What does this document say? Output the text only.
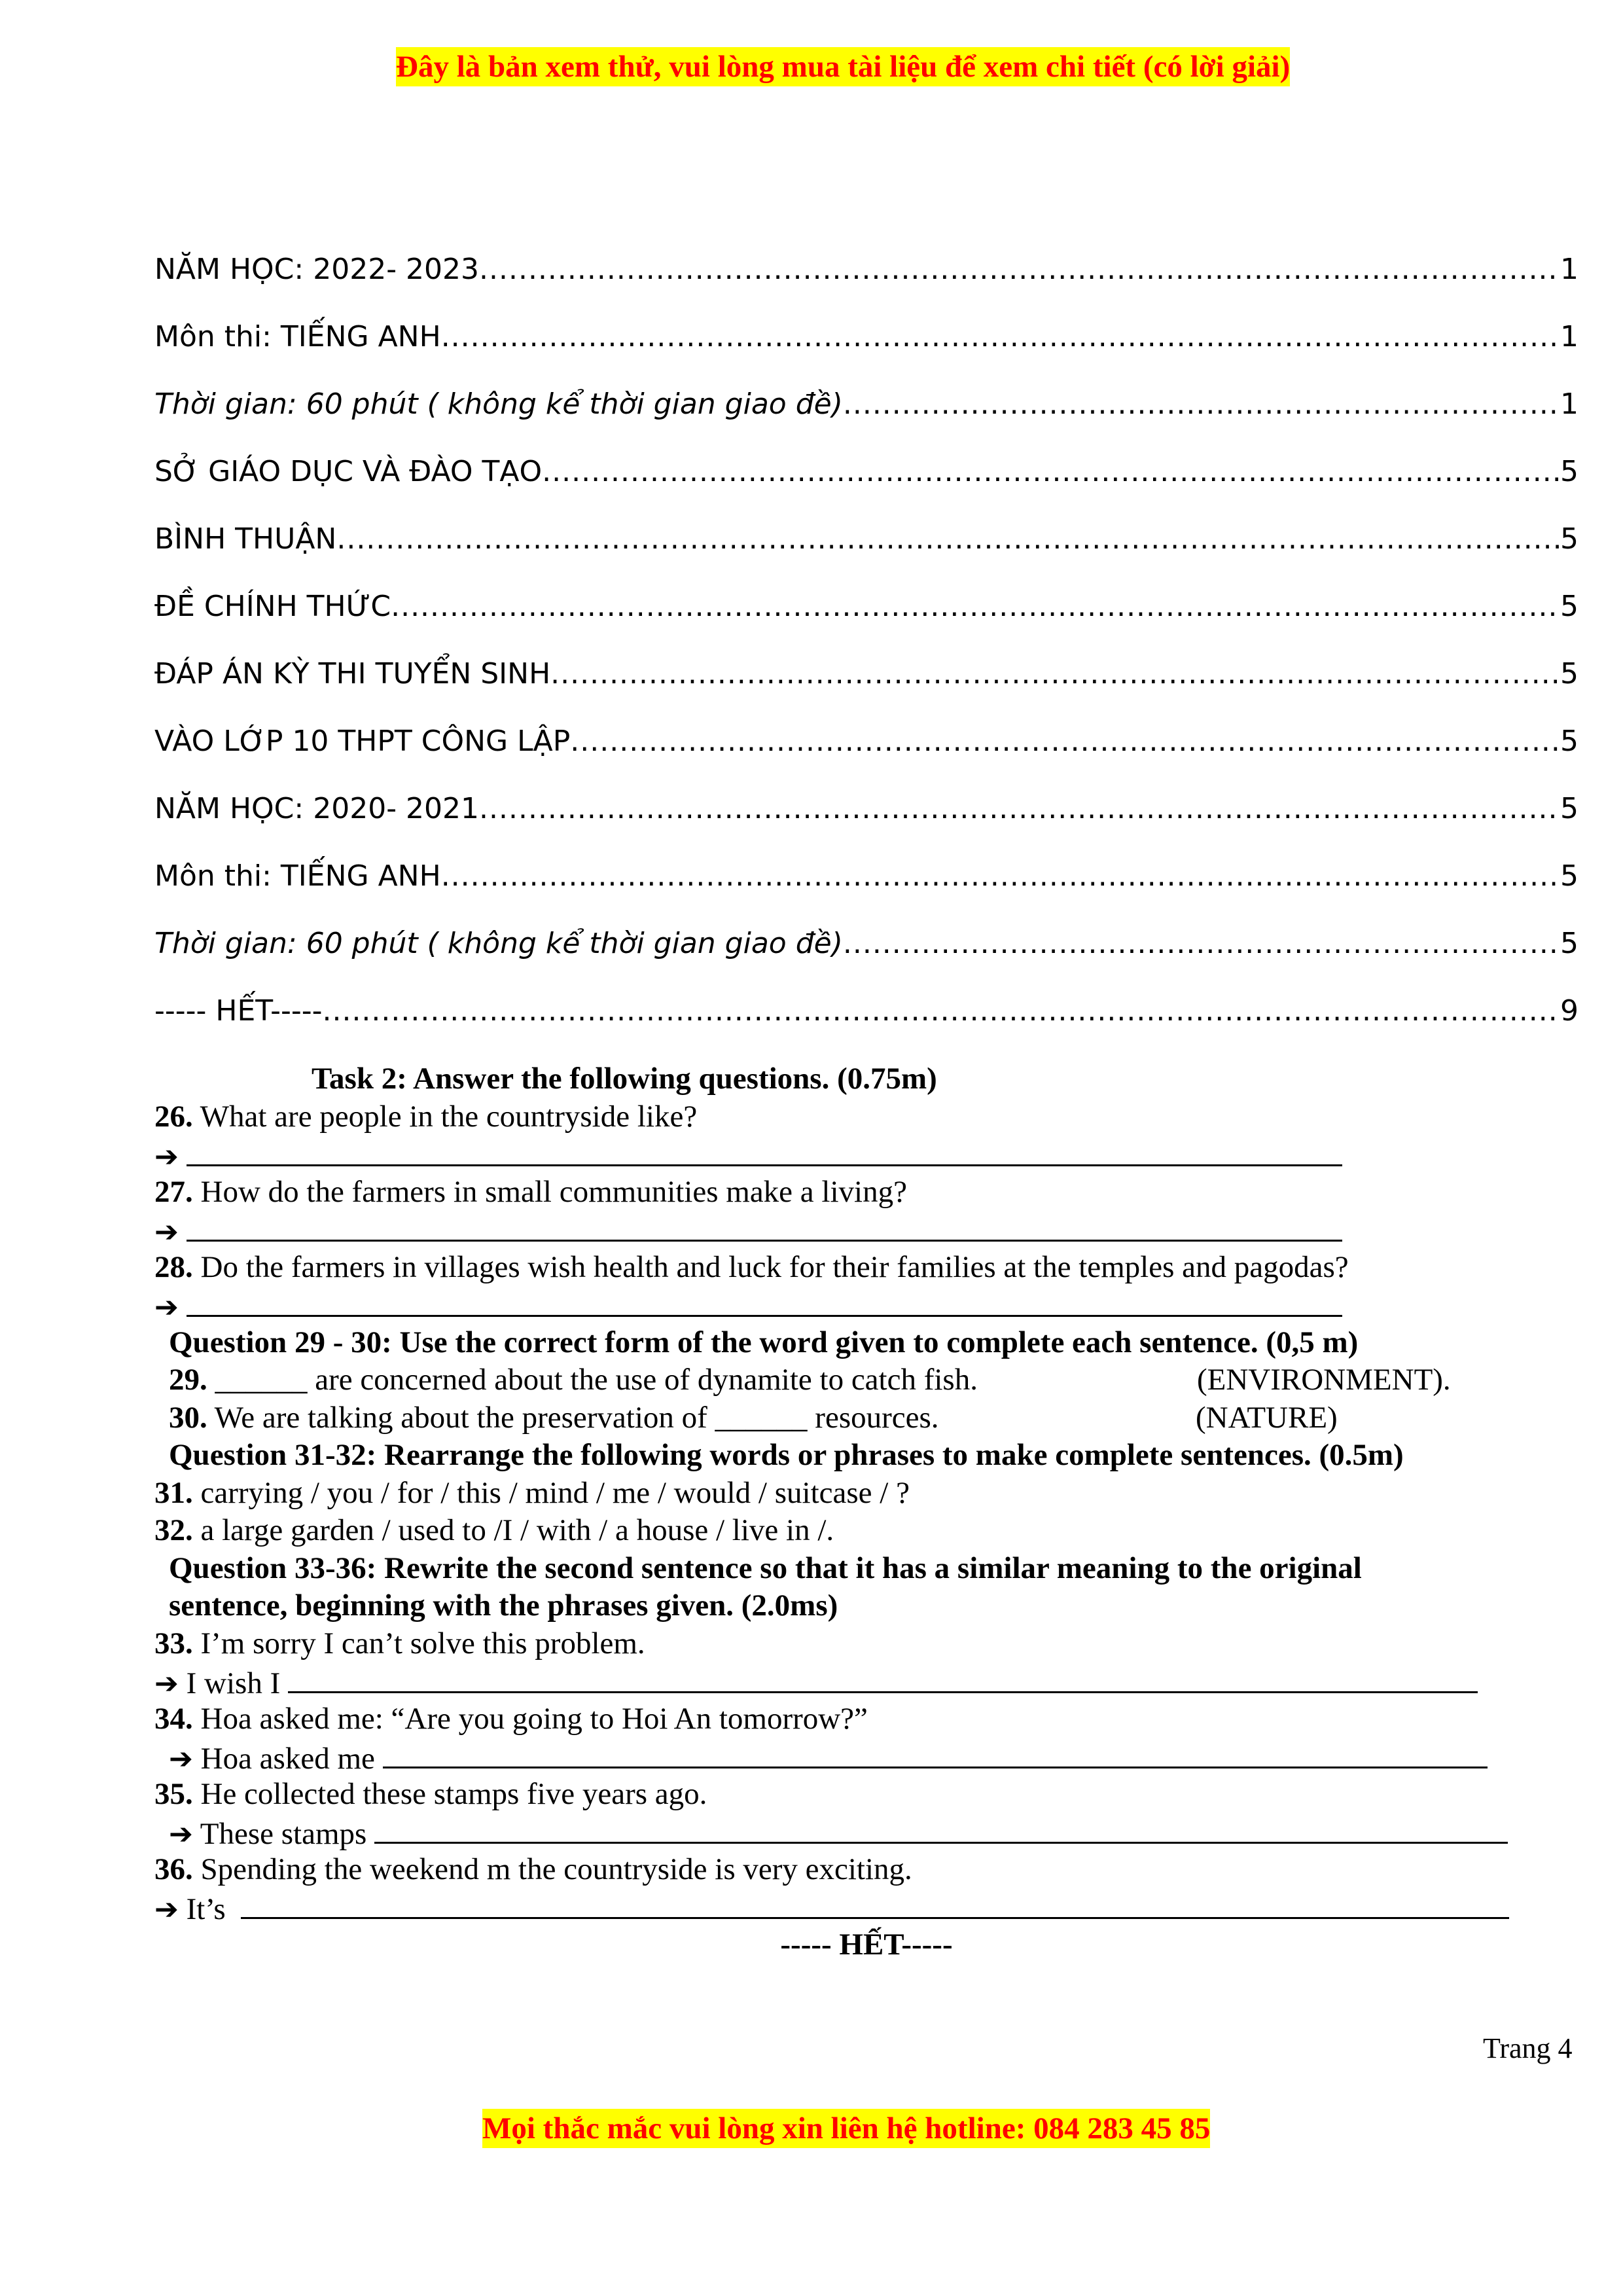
Đây là bản xem thử, vui lòng mua tài liệu để xem chi tiết (có lời giải)
NĂM HỌC: 2022- 2023 .....	1
Môn thi: TIẾNG ANH .....	1
Thời gian: 60 phút ( không kể thời gian giao đề) .....	1
SỞ GIÁO DỤC VÀ ĐÀO TẠO .....	5
BÌNH THUẬN .....	5
ĐỀ CHÍNH THỨC .....	5
ĐÁP ÁN KỲ THI TUYỂN SINH .....	5
VÀO LỚP 10 THPT CÔNG LẬP .....	5
NĂM HỌC: 2020- 2021 .....	5
Môn thi: TIẾNG ANH .....	5
Thời gian: 60 phút ( không kể thời gian giao đề) .....	5
----- HẾT----- .....	9
Task 2: Answer the following questions. (0.75m)
26. What are people in the countryside like?
➔
27. How do the farmers in small communities make a living?
➔
28. Do the farmers in villages wish health and luck for their families at the temples and pagodas?
➔
Question 29 - 30: Use the correct form of the word given to complete each sentence. (0,5 m)
29. ______ are concerned about the use of dynamite to catch fish.	(ENVIRONMENT).
30. We are talking about the preservation of ______ resources.	(NATURE)
Question 31-32: Rearrange the following words or phrases to make complete sentences. (0.5m)
31. carrying / you / for / this / mind / me / would / suitcase / ?
32. a large garden / used to /I / with / a house / live in /.
Question 33-36: Rewrite the second sentence so that it has a similar meaning to the original
sentence, beginning with the phrases given. (2.0ms)
33. I’m sorry I can’t solve this problem.
➔ I wish I
34. Hoa asked me: “Are you going to Hoi An tomorrow?”
➔ Hoa asked me
35. He collected these stamps five years ago.
➔ These stamps
36. Spending the weekend m the countryside is very exciting.
➔ It’s
----- HẾT-----
Trang 4
Mọi thắc mắc vui lòng xin liên hệ hotline: 084 283 45 85
